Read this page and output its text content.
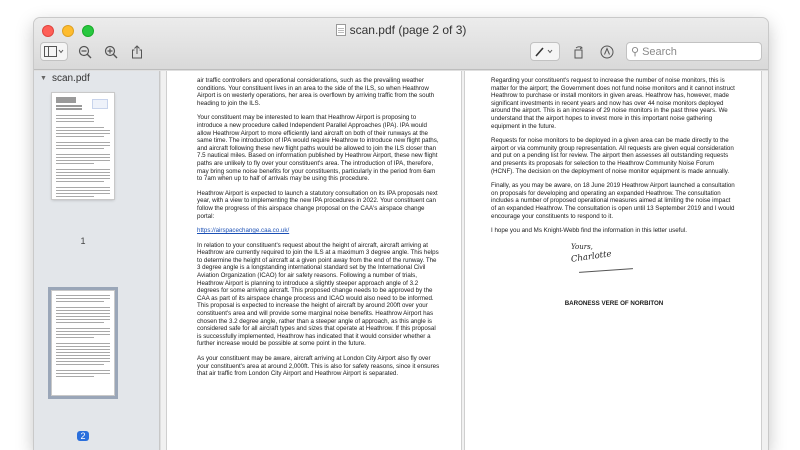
scan.pdf (page 2 of 3)
⚲ Search
▼ scan.pdf
1
2

air traffic controllers and operational considerations, such as the prevailing weather conditions. Your constituent lives in an area to the side of the ILS, so when Heathrow Airport is on westerly operations, her area is overflown by arriving traffic from the south heading to join the ILS.

Your constituent may be interested to learn that Heathrow Airport is proposing to introduce a new procedure called Independent Parallel Approaches (IPA). IPA would allow Heathrow Airport to more efficiently land aircraft on both of their runways at the same time. The introduction of IPA would require Heathrow to introduce new flight paths, and aircraft following these new flight paths would be allowed to join the ILS closer than 7.5 nautical miles. Based on information published by Heathrow Airport, these new flight paths are unlikely to fly over your constituent's area. The introduction of IPA, therefore, may bring some noise benefits for your constituents, particularly in the period from 6am to 7am when up to half of arrivals may be using this procedure.

Heathrow Airport is expected to launch a statutory consultation on its IPA proposals next year, with a view to implementing the new IPA procedures in 2022. Your constituent can follow the progress of this airspace change proposal on the CAA's airspace change portal:

https://airspacechange.caa.co.uk/

In relation to your constituent's request about the height of aircraft, aircraft arriving at Heathrow are currently required to join the ILS at a maximum 3 degree angle. This helps to determine the height of aircraft at a given point away from the end of the runway. The 3 degree angle is a longstanding international standard set by the International Civil Aviation Organization (ICAO) for air safety reasons. Following a number of trials, Heathrow Airport is planning to introduce a slightly steeper approach angle of 3.2 degrees for some arriving aircraft. This proposed change needs to be approved by the CAA as part of its airspace change process and ICAO would also need to be informed. This proposal is expected to increase the height of aircraft by around 200ft over your constituent's area and will provide some marginal noise benefits. Heathrow Airport has chosen the 3.2 degree angle, rather than a steeper angle of approach, as this angle is considered safe for all aircraft types and sizes that operate at Heathrow. If this proposal is successfully implemented, Heathrow has indicated that it would consider whether a further increase would be possible at some point in the future.

As your constituent may be aware, aircraft arriving at London City Airport also fly over your constituent's area at around 2,000ft. This is also for safety reasons, since it ensures that air traffic from London City Airport and Heathrow Airport is separated.

Regarding your constituent's request to increase the number of noise monitors, this is matter for the airport; the Government does not fund noise monitors and it cannot instruct Heathrow to purchase or install monitors in given areas. Heathrow has, however, made significant investments in recent years and now has over 44 noise monitors deployed around the airport. This is an increase of 29 noise monitors in the past three years. We understand that the airport hopes to invest more in this important noise gathering equipment in the future.

Requests for noise monitors to be deployed in a given area can be made directly to the airport or via community group representation. All requests are given equal consideration and put on a pending list for review. The airport then assesses all outstanding requests and presents its proposals for selection to the Heathrow Community Noise Forum (HCNF). The decision on the deployment of noise monitor equipment is made annually.

Finally, as you may be aware, on 18 June 2019 Heathrow Airport launched a consultation on proposals for developing and operating an expanded Heathrow. The consultation includes a number of proposed operational measures aimed at limiting the noise impact of an expanded Heathrow. The consultation is open until 13 September 2019 and I would encourage your constituents to respond to it.

I hope you and Ms Knight-Webb find the information in this letter useful.

Yours,
Charlotte

BARONESS VERE OF NORBITON
